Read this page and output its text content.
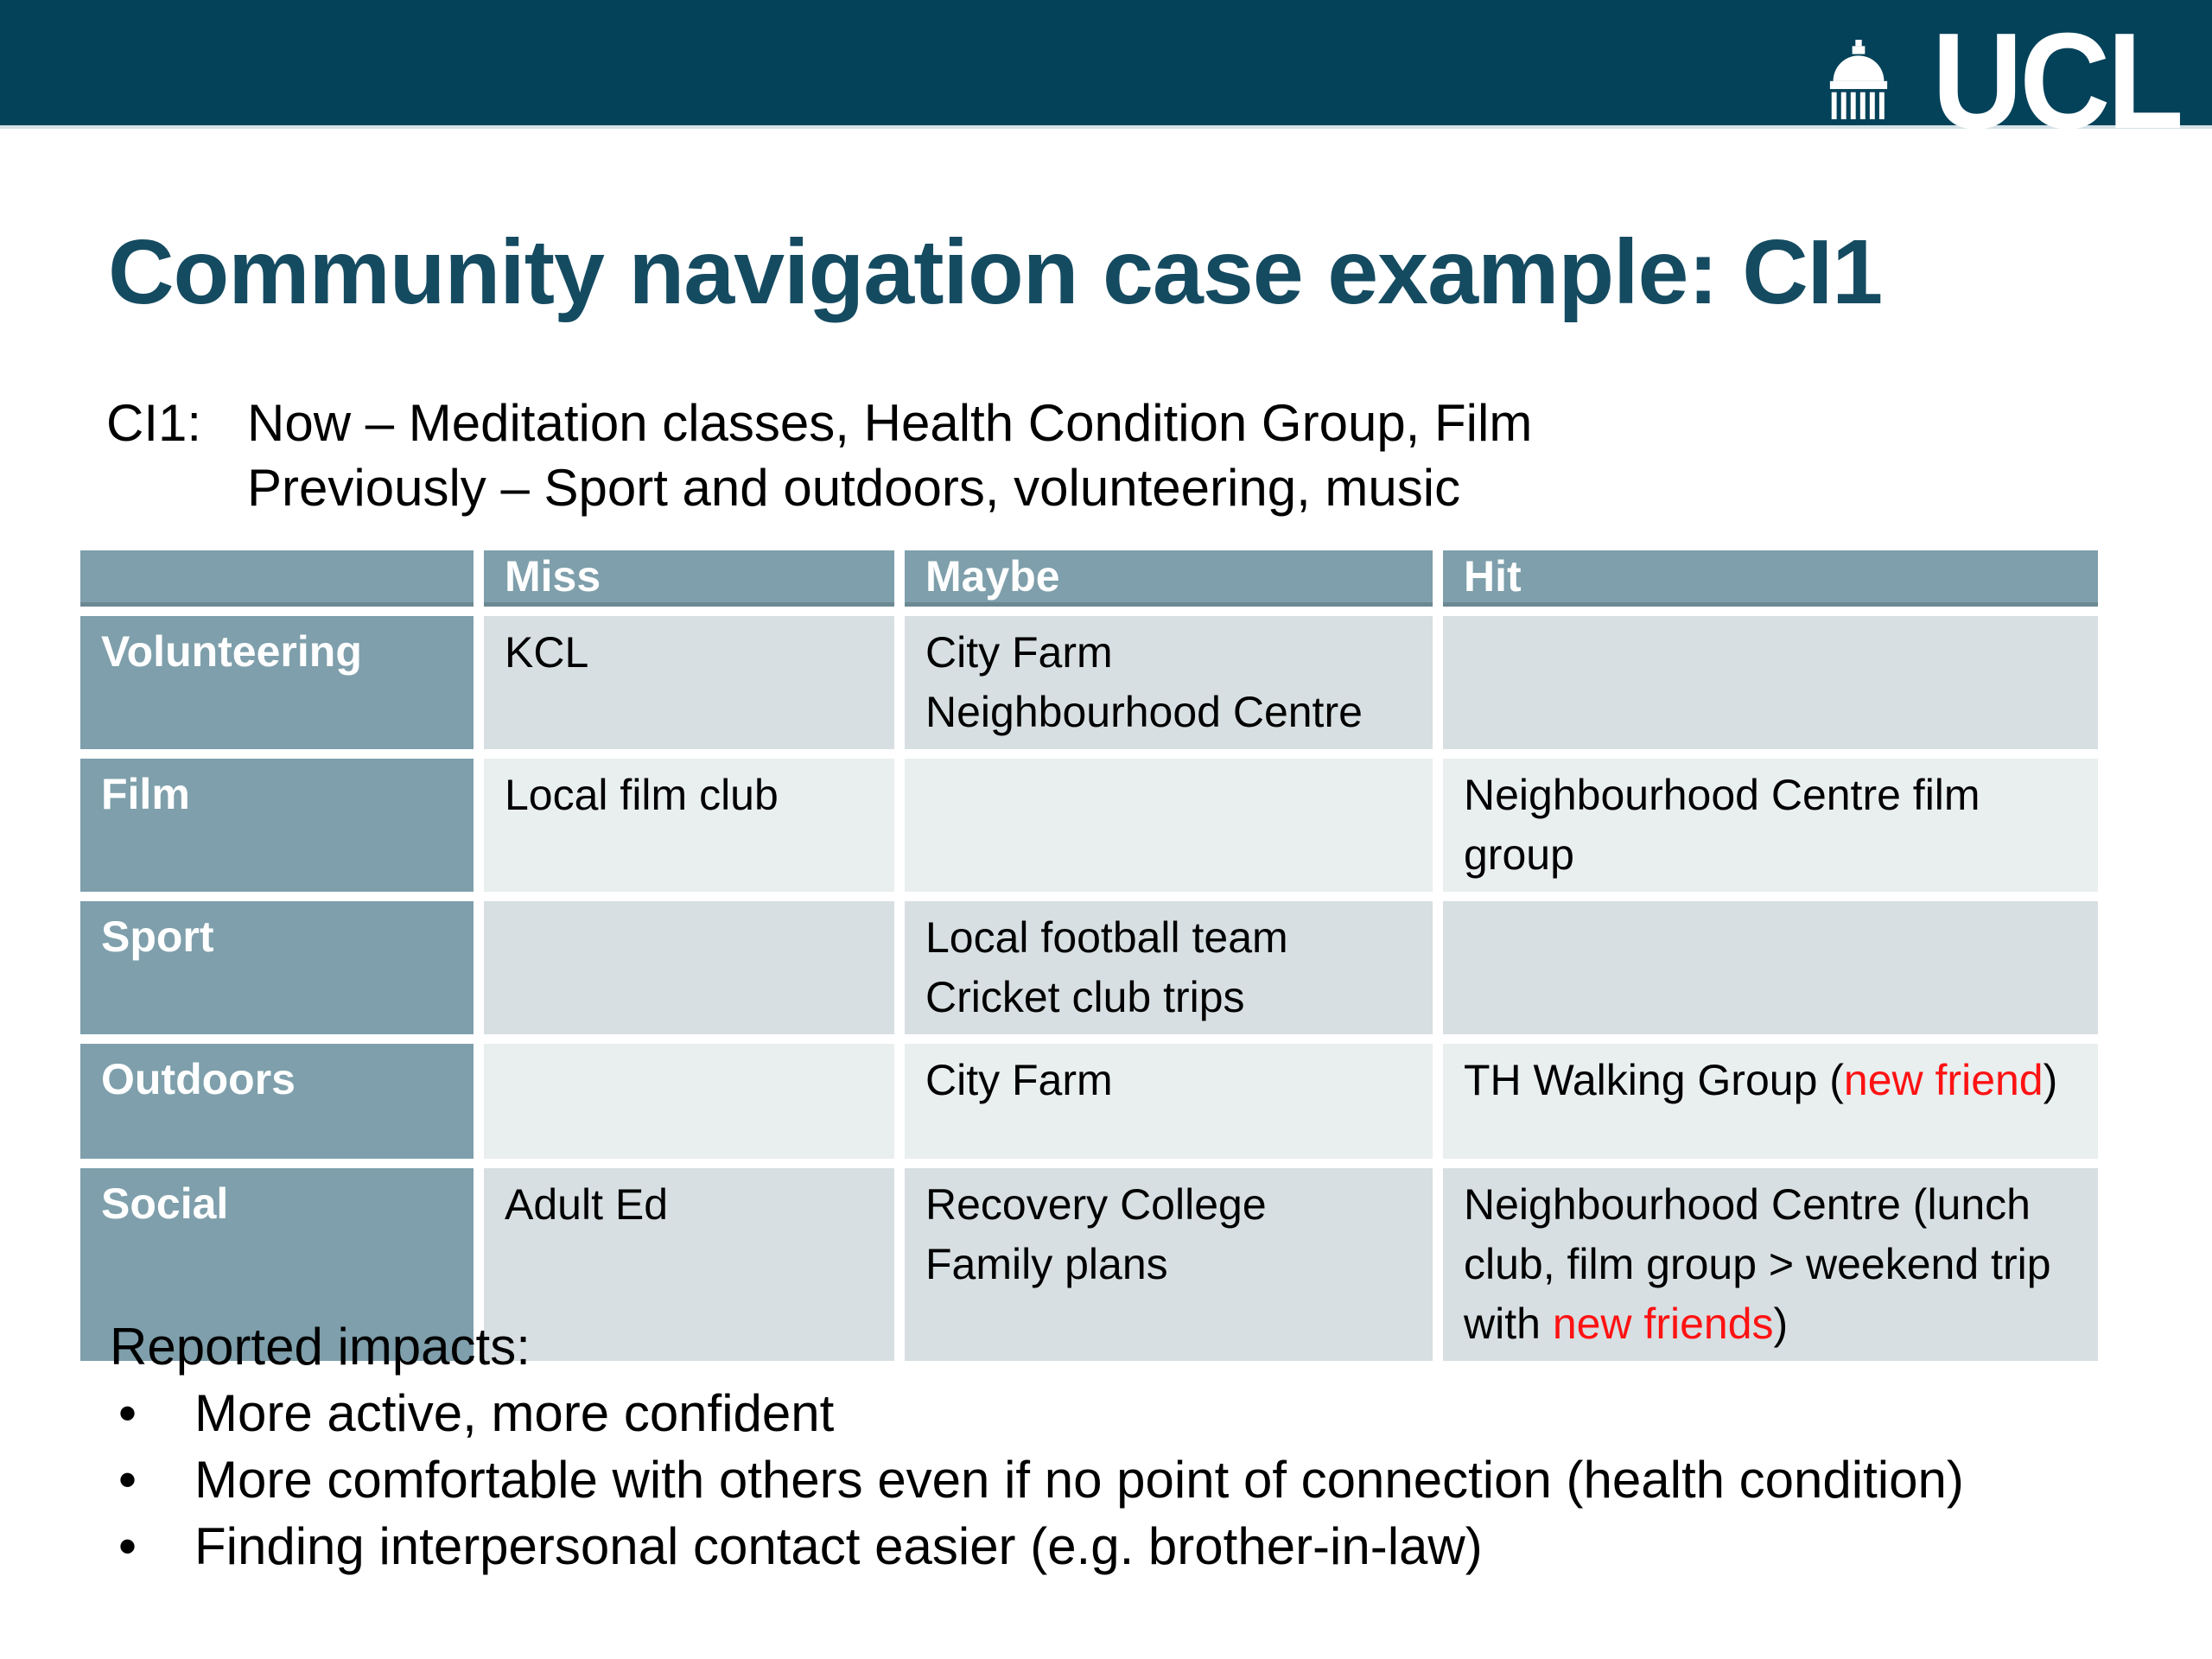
UCL
Community navigation case example: CI1
CI1: Now – Meditation classes, Health Condition Group, Film
Previously – Sport and outdoors, volunteering, music
	Miss	Maybe	Hit
Volunteering	KCL	City Farm
Neighbourhood Centre	

Film	Local film club		Neighbourhood Centre film group

Sport		Local football team
Cricket club trips	

Outdoors		City Farm	TH Walking Group (new friend)

Social	Adult Ed	Recovery College
Family plans	Neighbourhood Centre (lunch club, film group > weekend trip with new friends)

Reported impacts:

•	More active, more confident
•	More comfortable with others even if no point of connection (health condition)
•	Finding interpersonal contact easier (e.g. brother-in-law)
